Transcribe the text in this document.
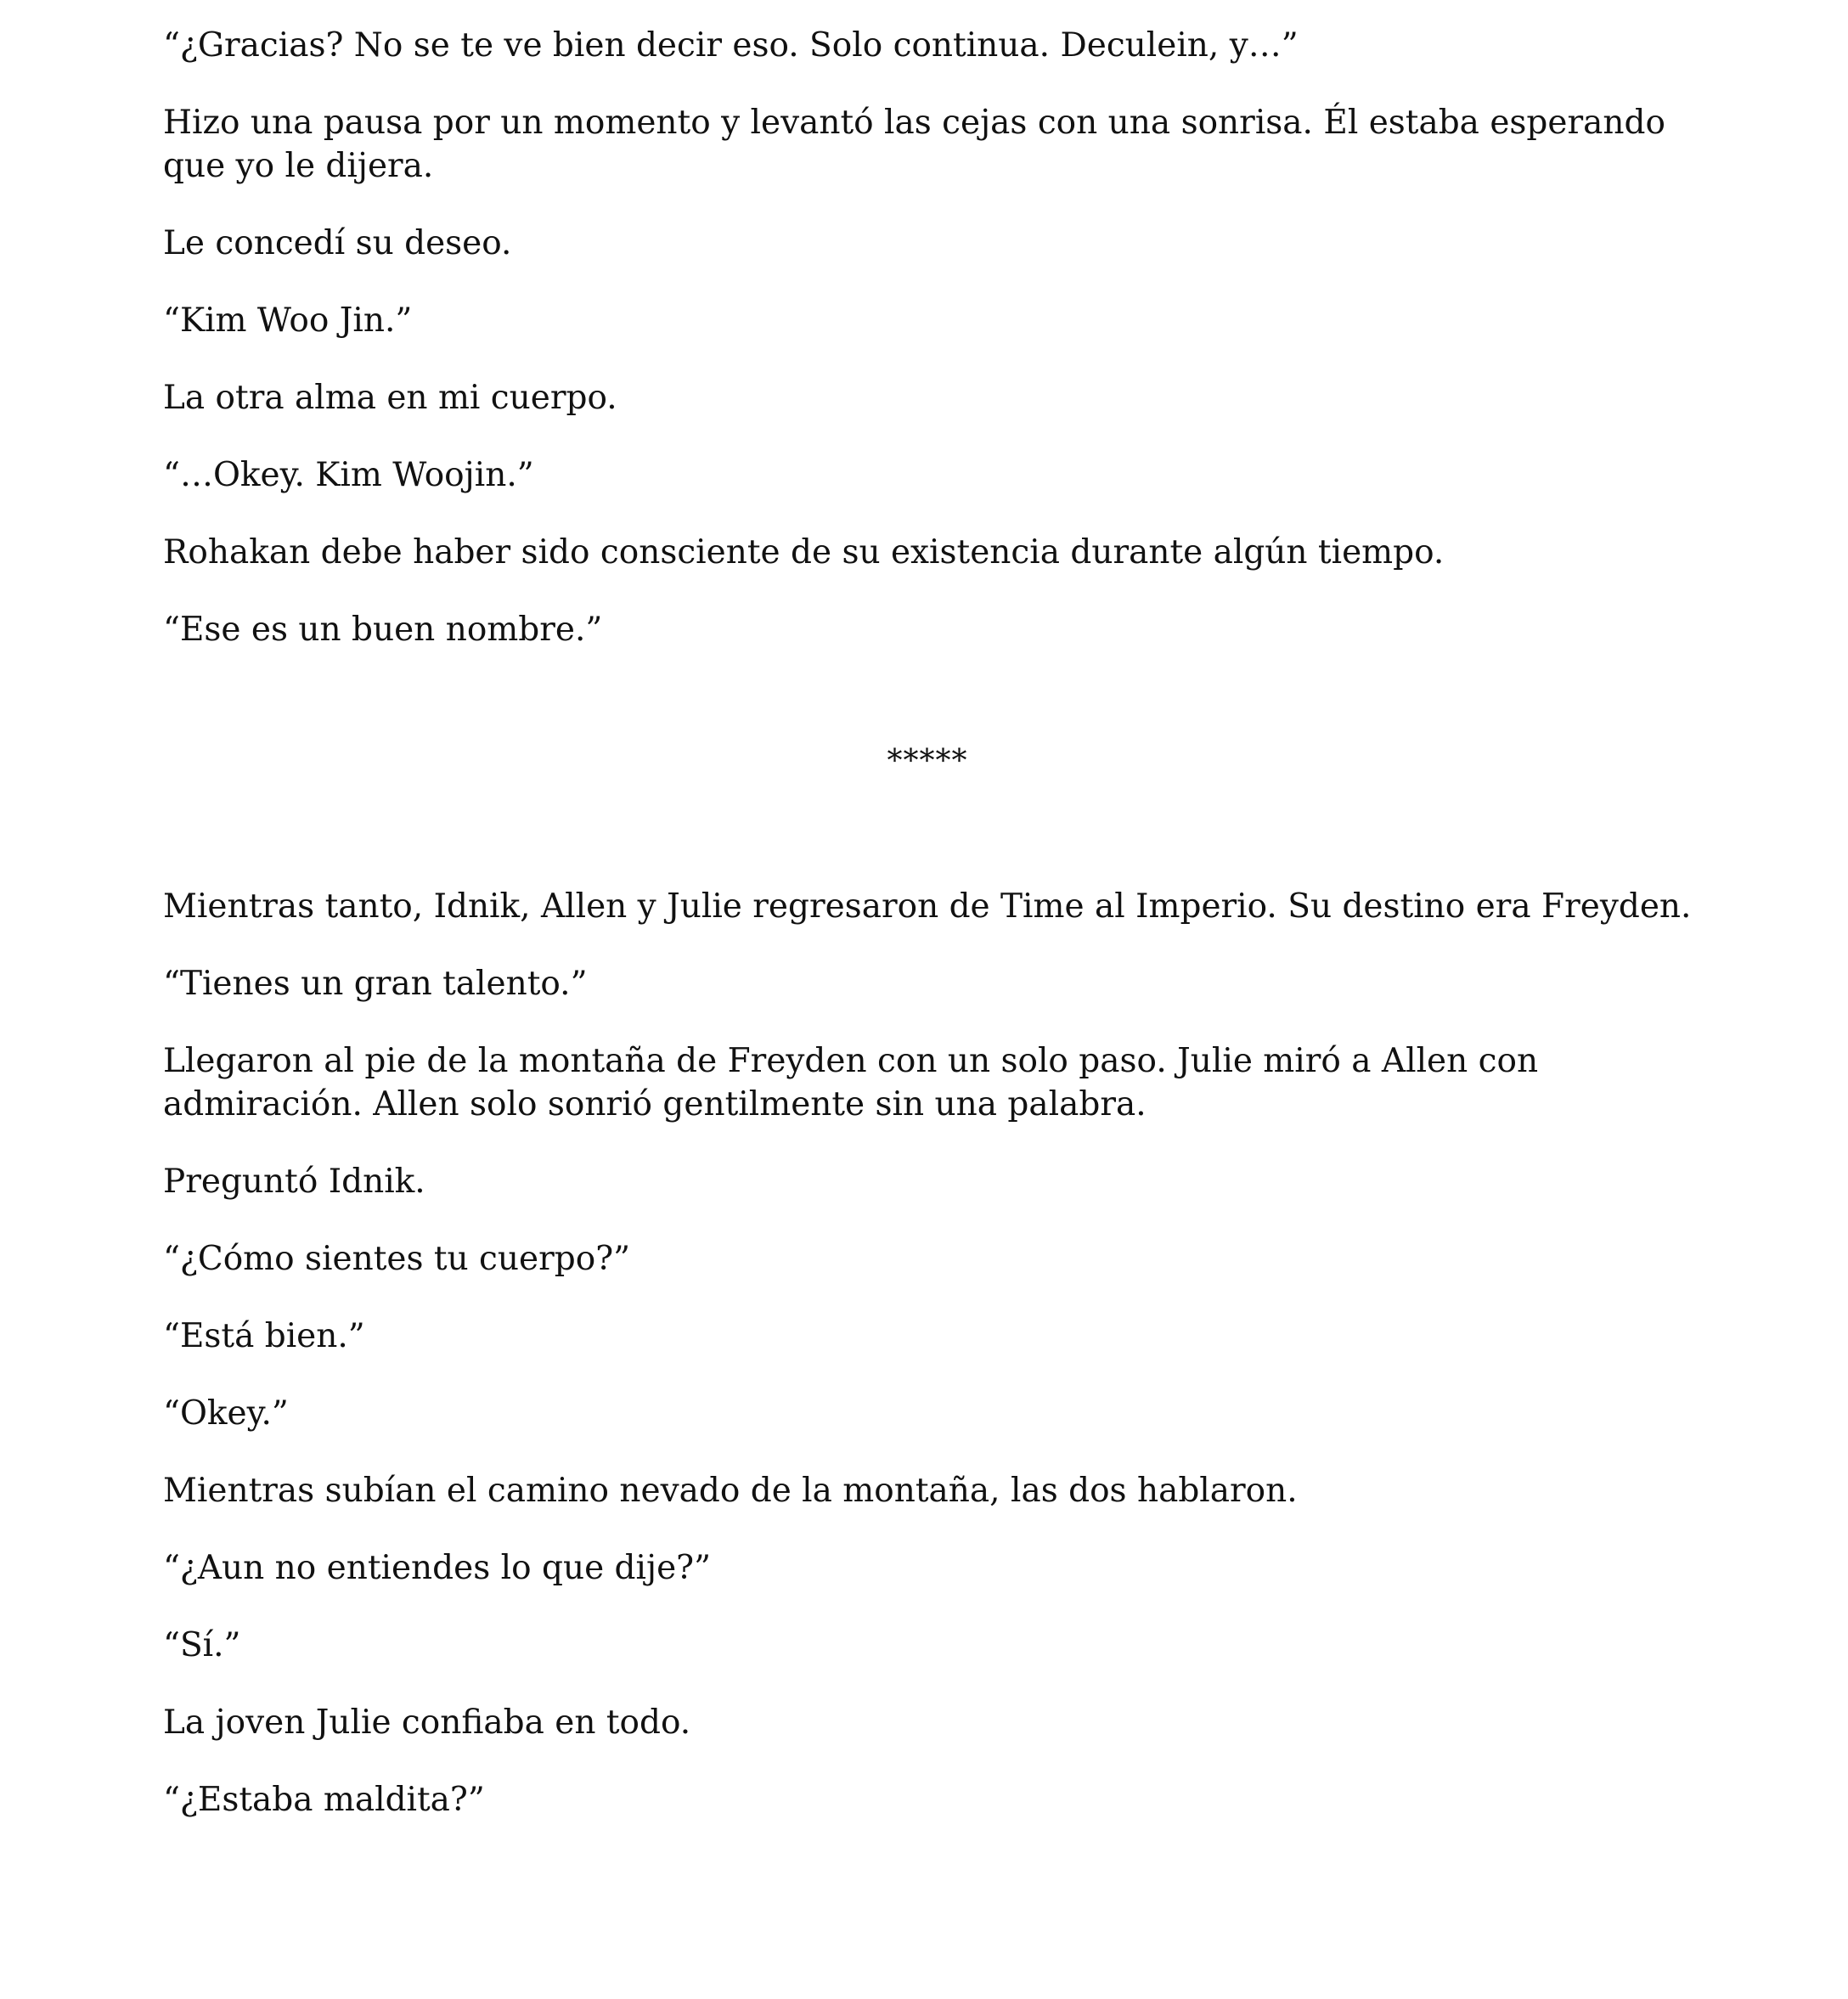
“¿Gracias? No se te ve bien decir eso. Solo continua. Deculein, y…”

Hizo una pausa por un momento y levantó las cejas con una sonrisa. Él estaba esperando que yo le dijera.

Le concedí su deseo.

“Kim Woo Jin.”

La otra alma en mi cuerpo.

“…Okey. Kim Woojin.”

Rohakan debe haber sido consciente de su existencia durante algún tiempo.

“Ese es un buen nombre.”

*****

Mientras tanto, Idnik, Allen y Julie regresaron de Time al Imperio. Su destino era Freyden.

“Tienes un gran talento.”

Llegaron al pie de la montaña de Freyden con un solo paso. Julie miró a Allen con admiración. Allen solo sonrió gentilmente sin una palabra.

Preguntó Idnik.

“¿Cómo sientes tu cuerpo?”

“Está bien.”

“Okey.”

Mientras subían el camino nevado de la montaña, las dos hablaron.

“¿Aun no entiendes lo que dije?”

“Sí.”

La joven Julie confiaba en todo.

“¿Estaba maldita?”
